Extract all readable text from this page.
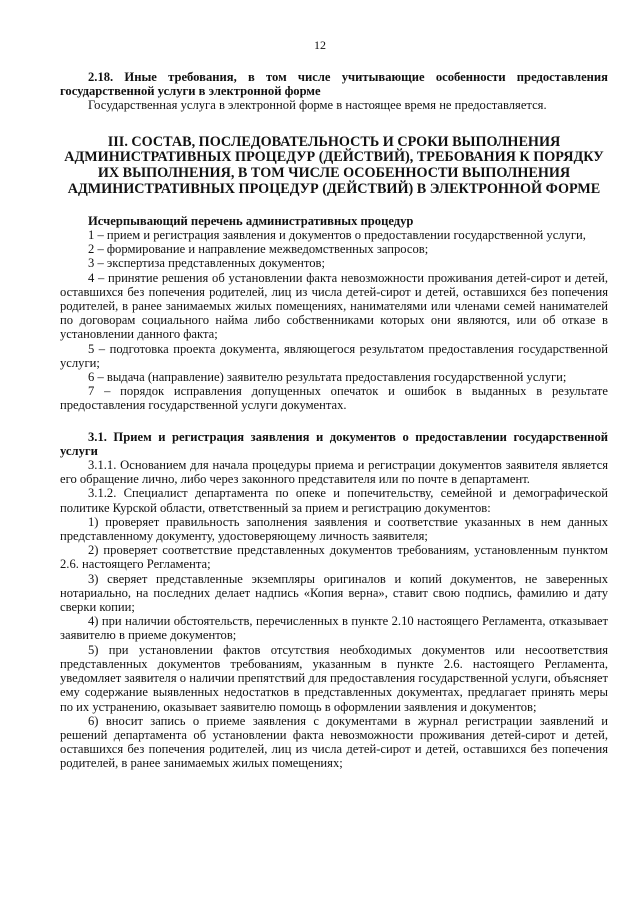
12

2.18. Иные требования, в том числе учитывающие особенности предоставления государственной услуги в электронной форме

Государственная услуга в электронной форме в настоящее время не предоставляется.

III. СОСТАВ, ПОСЛЕДОВАТЕЛЬНОСТЬ И СРОКИ ВЫПОЛНЕНИЯ АДМИНИСТРАТИВНЫХ ПРОЦЕДУР (ДЕЙСТВИЙ), ТРЕБОВАНИЯ К ПОРЯДКУ ИХ ВЫПОЛНЕНИЯ, В ТОМ ЧИСЛЕ ОСОБЕННОСТИ ВЫПОЛНЕНИЯ АДМИНИСТРАТИВНЫХ ПРОЦЕДУР (ДЕЙСТВИЙ) В ЭЛЕКТРОННОЙ ФОРМЕ

Исчерпывающий перечень административных процедур

1 – прием и регистрация заявления и документов о предоставлении государственной услуги,

2 – формирование и направление межведомственных запросов;

3 – экспертиза представленных документов;

4 – принятие решения об установлении факта невозможности проживания детей-сирот и детей, оставшихся без попечения родителей, лиц из числа детей-сирот и детей, оставшихся без попечения родителей, в ранее занимаемых жилых помещениях, нанимателями или членами семей нанимателей по договорам социального найма либо собственниками которых они являются, или об отказе в установлении данного факта;

5 – подготовка проекта документа, являющегося результатом предоставления государственной услуги;

6 – выдача (направление) заявителю результата предоставления государственной услуги;

7 – порядок исправления допущенных опечаток и ошибок в выданных в результате предоставления государственной услуги документах.

3.1. Прием и регистрация заявления и документов о предоставлении государственной услуги

3.1.1. Основанием для начала процедуры приема и регистрации документов заявителя является его обращение лично, либо через законного представителя или по почте в департамент.

3.1.2. Специалист департамента по опеке и попечительству, семейной и демографической политике Курской области, ответственный за прием и регистрацию документов:

1) проверяет правильность заполнения заявления и соответствие указанных в нем данных представленному документу, удостоверяющему личность заявителя;

2) проверяет соответствие представленных документов требованиям, установленным пунктом 2.6. настоящего Регламента;

3) сверяет представленные экземпляры оригиналов и копий документов, не заверенных нотариально, на последних делает надпись «Копия верна», ставит свою подпись, фамилию и дату сверки копии;

4) при наличии обстоятельств, перечисленных в пункте 2.10 настоящего Регламента, отказывает заявителю в приеме документов;

5) при установлении фактов отсутствия необходимых документов или несоответствия представленных документов требованиям, указанным в пункте 2.6. настоящего Регламента, уведомляет заявителя о наличии препятствий для предоставления государственной услуги, объясняет ему содержание выявленных недостатков в представленных документах, предлагает принять меры по их устранению, оказывает заявителю помощь в оформлении заявления и документов;

6) вносит запись о приеме заявления с документами в журнал регистрации заявлений и решений департамента об установлении факта невозможности проживания детей-сирот и детей, оставшихся без попечения родителей, лиц из числа детей-сирот и детей, оставшихся без попечения родителей, в ранее занимаемых жилых помещениях;
